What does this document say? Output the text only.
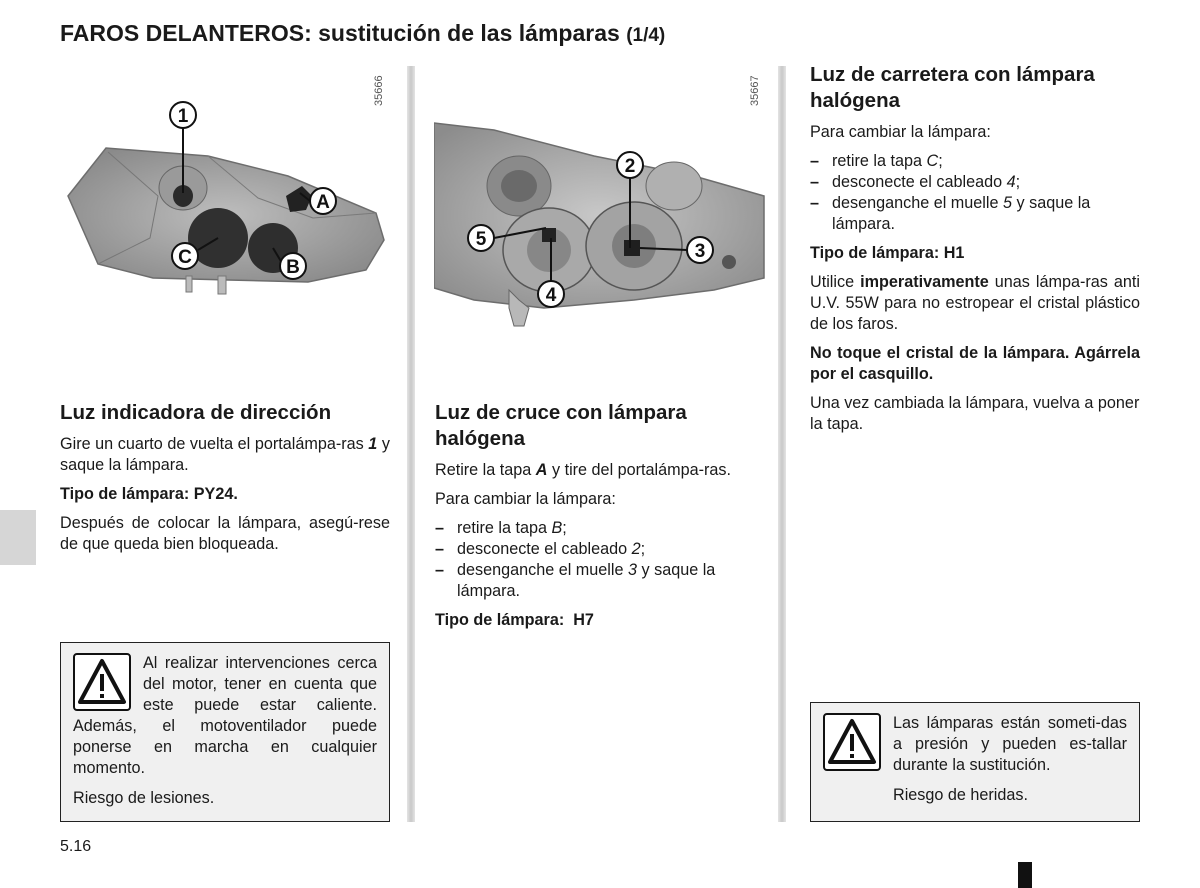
FAROS DELANTEROS: sustitución de las lámparas (1/4)
1
A
C	B
35666
2
5
3
4
35667
Luz indicadora de dirección
Gire un cuarto de vuelta el portalámpa-ras 1 y saque la lámpara.
Tipo de lámpara: PY24.
Después de colocar la lámpara, asegú-rese de que queda bien bloqueada.
Al realizar intervenciones cerca del motor, tener en cuenta que este puede estar caliente. Además, el motoventilador puede ponerse en marcha en cualquier momento.
Riesgo de lesiones.
Luz de cruce con lámpara halógena
Retire la tapa A y tire del portalámpa-ras.
Para cambiar la lámpara:
– retire la tapa B;
– desconecte el cableado 2;
– desenganche el muelle 3 y saque la lámpara.
Tipo de lámpara:  H7
Luz de carretera con lámpara halógena
Para cambiar la lámpara:
– retire la tapa C;
– desconecte el cableado 4;
– desenganche el muelle 5 y saque la lámpara.
Tipo de lámpara: H1
Utilice imperativamente unas lámpa-ras anti U.V. 55W para no estropear el cristal plástico de los faros.
No toque el cristal de la lámpara. Agárrela por el casquillo.
Una vez cambiada la lámpara, vuelva a poner la tapa.
Las lámparas están someti-das a presión y pueden es-tallar durante la sustitución.
Riesgo de heridas.
5.16
